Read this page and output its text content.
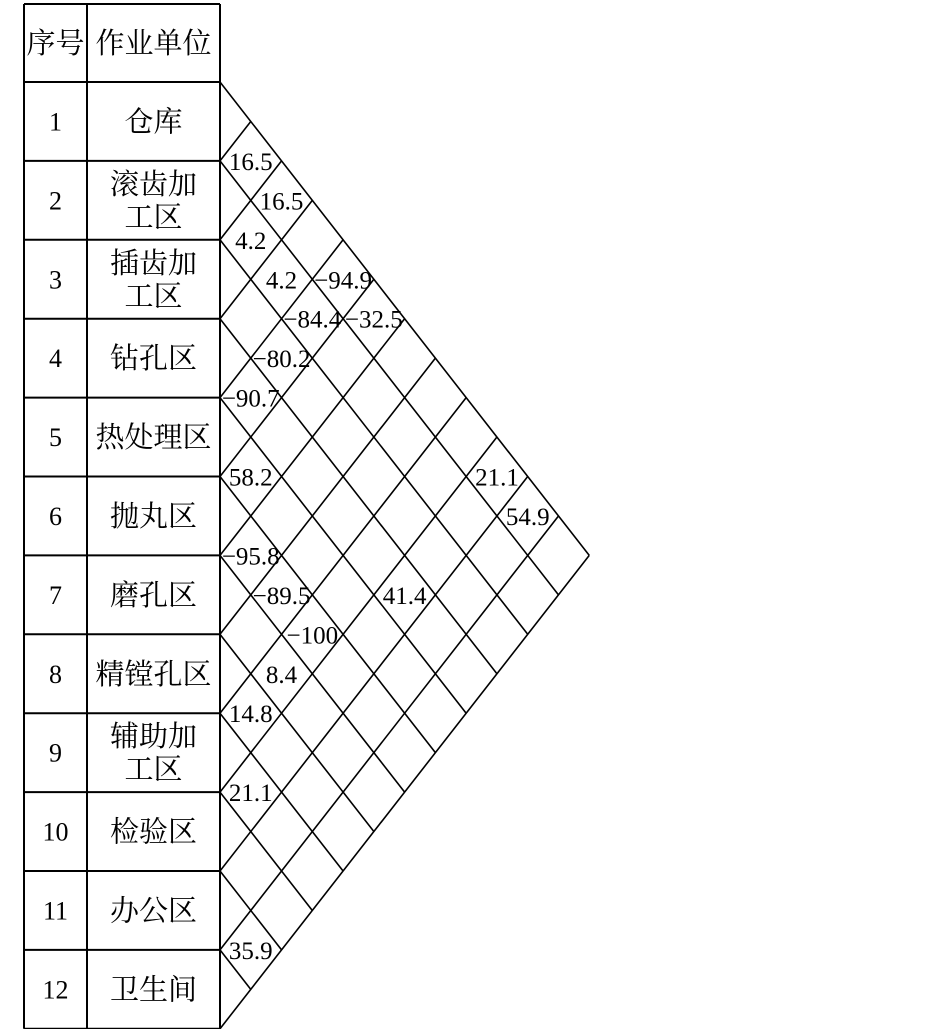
序号 作业单位
1 仓库
2 滚齿加
工区
3 插齿加
工区
4 钻孔区
5 热处理区
6 抛丸区
7 磨孔区
8 精镗孔区
9 辅助加
工区
10 检验区
11 办公区
12 卫生间
16.5
16.5
4.2
4.2 −94.9
−84.4 −32.5
−80.2
−90.7
58.2	21.1
54.9
−95.8
−89.5
−100
8.4
41.4
14.8
21.1
35.9
